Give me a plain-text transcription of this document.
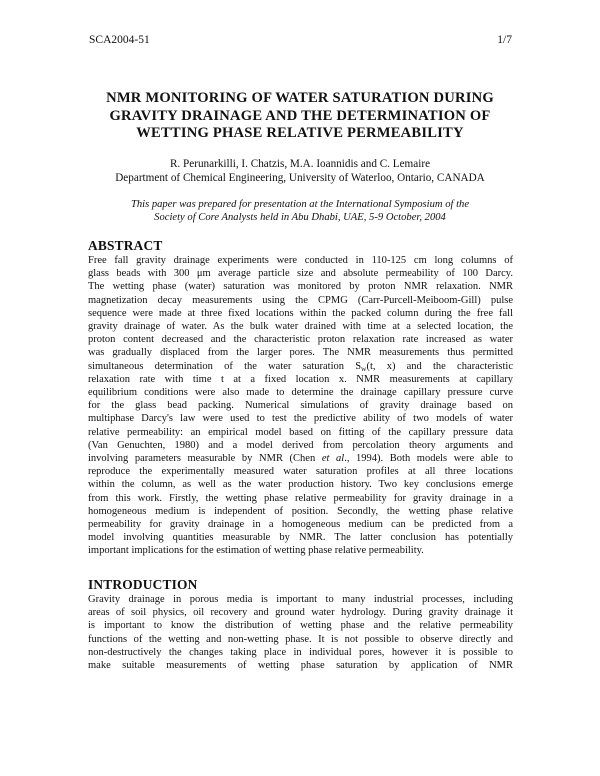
SCA2004-51	1/7
NMR MONITORING OF WATER SATURATION DURING
GRAVITY DRAINAGE AND THE DETERMINATION OF
WETTING PHASE RELATIVE PERMEABILITY
R. Perunarkilli, I. Chatzis, M.A. Ioannidis and C. Lemaire
Department of Chemical Engineering, University of Waterloo, Ontario, CANADA
This paper was prepared for presentation at the International Symposium of the
Society of Core Analysts held in Abu Dhabi, UAE, 5-9 October, 2004
ABSTRACT
Free fall gravity drainage experiments were conducted in 110-125 cm long columns of
glass beads with 300 μm average particle size and absolute permeability of 100 Darcy.
The wetting phase (water) saturation was monitored by proton NMR relaxation. NMR
magnetization decay measurements using the CPMG (Carr-Purcell-Meiboom-Gill) pulse
sequence were made at three fixed locations within the packed column during the free fall
gravity drainage of water. As the bulk water drained with time at a selected location, the
proton content decreased and the characteristic proton relaxation rate increased as water
was gradually displaced from the larger pores. The NMR measurements thus permitted
simultaneous determination of the water saturation $S_w(t$, x) and the characteristic
relaxation rate with time t at a fixed location x. NMR measurements at capillary
equilibrium conditions were also made to determine the drainage capillary pressure curve
for the glass bead packing. Numerical simulations of gravity drainage based on
multiphase Darcy's law were used to test the predictive ability of two models of water
relative permeability: an empirical model based on fitting of the capillary pressure data
(Van Genuchten, 1980) and a model derived from percolation theory arguments and
involving parameters measurable by NMR (Chen et al., 1994). Both models were able to
reproduce the experimentally measured water saturation profiles at all three locations
within the column, as well as the water production history. Two key conclusions emerge
from this work. Firstly, the wetting phase relative permeability for gravity drainage in a
homogeneous medium is independent of position. Secondly, the wetting phase relative
permeability for gravity drainage in a homogeneous medium can be predicted from a
model involving quantities measurable by NMR. The latter conclusion has potentially
important implications for the estimation of wetting phase relative permeability.
INTRODUCTION
Gravity drainage in porous media is important to many industrial processes, including
areas of soil physics, oil recovery and ground water hydrology. During gravity drainage it
is important to know the distribution of wetting phase and the relative permeability
functions of the wetting and non-wetting phase. It is not possible to observe directly and
non-destructively the changes taking place in individual pores, however it is possible to
make suitable measurements of wetting phase saturation by application of NMR
